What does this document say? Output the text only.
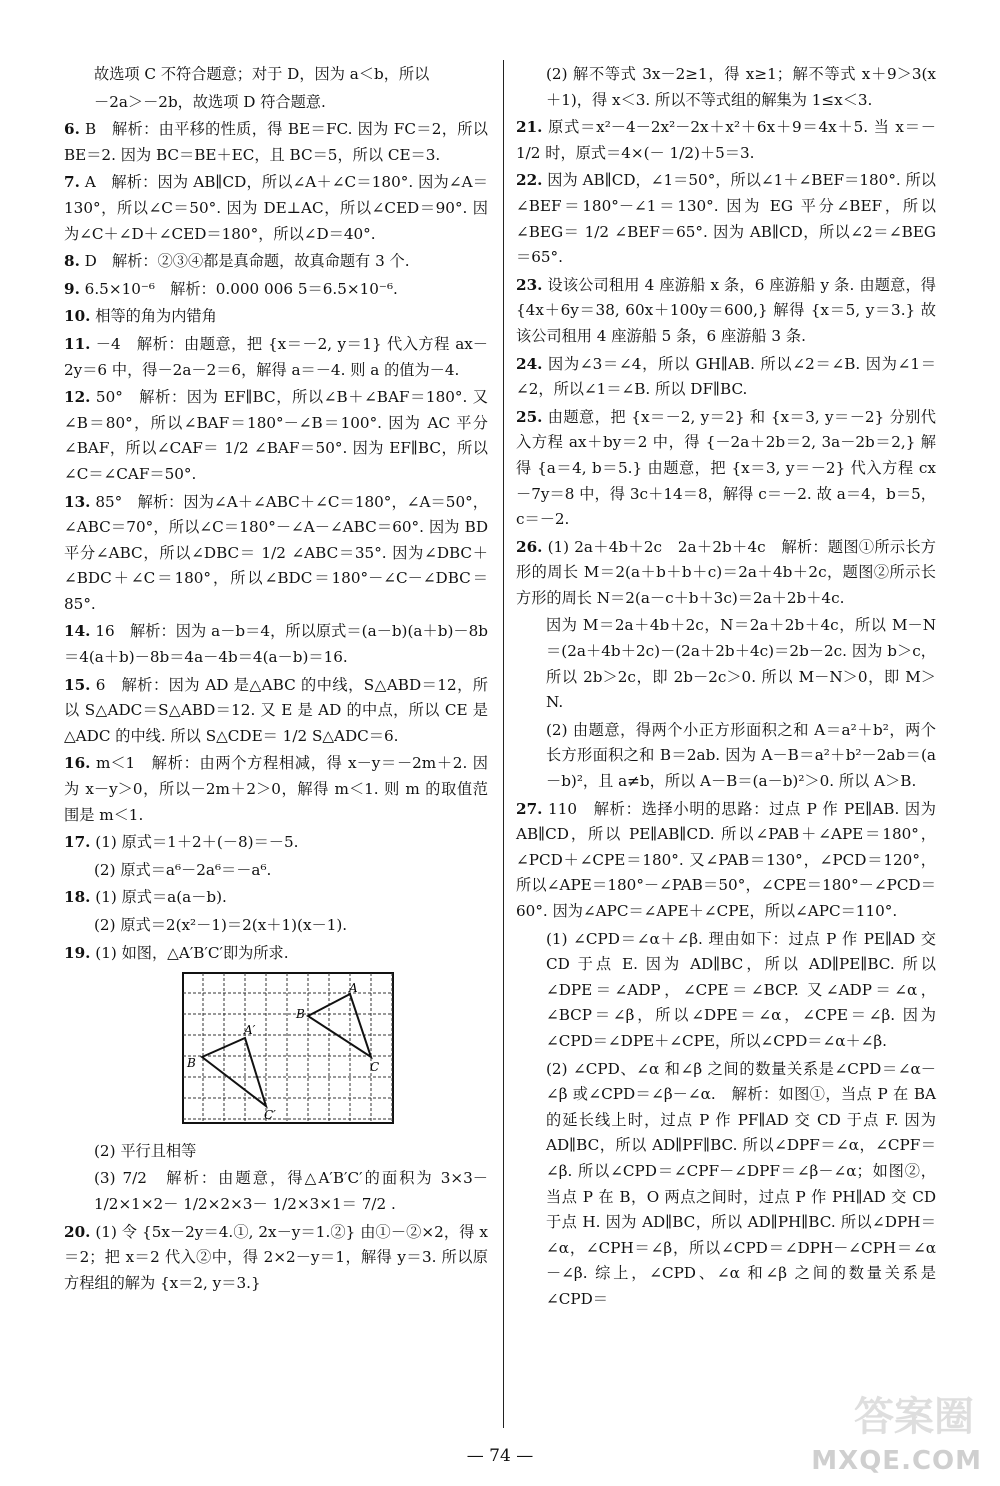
故选项 C 不符合题意；对于 D，因为 a＜b，所以
－2a＞－2b，故选项 D 符合题意.
6. B　解析：由平移的性质，得 BE＝FC. 因为 FC＝2，所以 BE＝2. 因为 BC＝BE＋EC，且 BC＝5，所以 CE＝3.
7. A　解析：因为 AB∥CD，所以∠A＋∠C＝180°. 因为∠A＝130°，所以∠C＝50°. 因为 DE⊥AC，所以∠CED＝90°. 因为∠C＋∠D＋∠CED＝180°，所以∠D＝40°.
8. D　解析：②③④都是真命题，故真命题有 3 个.
9. 6.5×10⁻⁶　解析：0.000 006 5＝6.5×10⁻⁶.
10. 相等的角为内错角
11. －4　解析：由题意，把 {x＝－2, y＝1} 代入方程 ax－2y＝6 中，得－2a－2＝6，解得 a＝－4. 则 a 的值为－4.
12. 50°　解析：因为 EF∥BC，所以∠B＋∠BAF＝180°. 又∠B＝80°，所以∠BAF＝180°－∠B＝100°. 因为 AC 平分∠BAF，所以∠CAF＝ 1/2 ∠BAF＝50°. 因为 EF∥BC，所以∠C＝∠CAF＝50°.
13. 85°　解析：因为∠A＋∠ABC＋∠C＝180°，∠A＝50°，∠ABC＝70°，所以∠C＝180°－∠A－∠ABC＝60°. 因为 BD 平分∠ABC，所以∠DBC＝ 1/2 ∠ABC＝35°. 因为∠DBC＋∠BDC＋∠C＝180°，所以∠BDC＝180°－∠C－∠DBC＝85°.
14. 16　解析：因为 a－b＝4，所以原式＝(a－b)(a＋b)－8b＝4(a＋b)－8b＝4a－4b＝4(a－b)＝16.
15. 6　解析：因为 AD 是△ABC 的中线，S△ABD＝12，所以 S△ADC＝S△ABD＝12. 又 E 是 AD 的中点，所以 CE 是△ADC 的中线. 所以 S△CDE＝ 1/2 S△ADC＝6.
16. m＜1　解析：由两个方程相减，得 x－y＝－2m＋2. 因为 x－y＞0，所以－2m＋2＞0，解得 m＜1. 则 m 的取值范围是 m＜1.
17. (1) 原式＝1＋2＋(－8)＝－5.
(2) 原式＝a⁶－2a⁶＝－a⁶.
18. (1) 原式＝a(a－b).
(2) 原式＝2(x²－1)＝2(x＋1)(x－1).
19. (1) 如图，△A′B′C′即为所求.
A
B
C
A′
B
C′
(2) 平行且相等
(3) 7/2　解析：由题意，得△A′B′C′的面积为 3×3－ 1/2×1×2－ 1/2×2×3－ 1/2×3×1＝ 7/2 .
20. (1) 令 {5x－2y＝4.①, 2x－y＝1.②} 由①－②×2，得 x＝2；把 x＝2 代入②中，得 2×2－y＝1，解得 y＝3. 所以原方程组的解为 {x＝2, y＝3.}
(2) 解不等式 3x－2≥1，得 x≥1；解不等式 x＋9＞3(x＋1)，得 x＜3. 所以不等式组的解集为 1≤x＜3.
21. 原式＝x²－4－2x²－2x＋x²＋6x＋9＝4x＋5. 当 x＝－ 1/2 时，原式＝4×(－ 1/2)＋5＝3.
22. 因为 AB∥CD，∠1＝50°，所以∠1＋∠BEF＝180°. 所以∠BEF＝180°－∠1＝130°. 因为 EG 平分∠BEF，所以∠BEG＝ 1/2 ∠BEF＝65°. 因为 AB∥CD，所以∠2＝∠BEG＝65°.
23. 设该公司租用 4 座游船 x 条，6 座游船 y 条. 由题意，得 {4x＋6y＝38, 60x＋100y＝600,} 解得 {x＝5, y＝3.} 故该公司租用 4 座游船 5 条，6 座游船 3 条.
24. 因为∠3＝∠4，所以 GH∥AB. 所以∠2＝∠B. 因为∠1＝∠2，所以∠1＝∠B. 所以 DF∥BC.
25. 由题意，把 {x＝－2, y＝2} 和 {x＝3, y＝－2} 分别代入方程 ax＋by＝2 中，得 {－2a＋2b＝2, 3a－2b＝2,} 解得 {a＝4, b＝5.} 由题意，把 {x＝3, y＝－2} 代入方程 cx－7y＝8 中，得 3c＋14＝8，解得 c＝－2. 故 a＝4，b＝5，c＝－2.
26. (1) 2a＋4b＋2c　2a＋2b＋4c　解析：题图①所示长方形的周长 M＝2(a＋b＋b＋c)＝2a＋4b＋2c，题图②所示长方形的周长 N＝2(a－c＋b＋3c)＝2a＋2b＋4c.
因为 M＝2a＋4b＋2c，N＝2a＋2b＋4c，所以 M－N＝(2a＋4b＋2c)－(2a＋2b＋4c)＝2b－2c. 因为 b＞c，所以 2b＞2c，即 2b－2c＞0. 所以 M－N＞0，即 M＞N.
(2) 由题意，得两个小正方形面积之和 A＝a²＋b²，两个长方形面积之和 B＝2ab. 因为 A－B＝a²＋b²－2ab＝(a－b)²，且 a≠b，所以 A－B＝(a－b)²＞0. 所以 A＞B.
27. 110　解析：选择小明的思路：过点 P 作 PE∥AB. 因为 AB∥CD，所以 PE∥AB∥CD. 所以∠PAB＋∠APE＝180°，∠PCD＋∠CPE＝180°. 又∠PAB＝130°，∠PCD＝120°，所以∠APE＝180°－∠PAB＝50°，∠CPE＝180°－∠PCD＝60°. 因为∠APC＝∠APE＋∠CPE，所以∠APC＝110°.
(1) ∠CPD＝∠α＋∠β. 理由如下：过点 P 作 PE∥AD 交 CD 于点 E. 因为 AD∥BC，所以 AD∥PE∥BC. 所以∠DPE＝∠ADP，∠CPE＝∠BCP. 又∠ADP＝∠α，∠BCP＝∠β，所以∠DPE＝∠α，∠CPE＝∠β. 因为∠CPD＝∠DPE＋∠CPE，所以∠CPD＝∠α＋∠β.
(2) ∠CPD、∠α 和∠β 之间的数量关系是∠CPD＝∠α－∠β 或∠CPD＝∠β－∠α.　解析：如图①，当点 P 在 BA 的延长线上时，过点 P 作 PF∥AD 交 CD 于点 F. 因为 AD∥BC，所以 AD∥PF∥BC. 所以∠DPF＝∠α，∠CPF＝∠β. 所以∠CPD＝∠CPF－∠DPF＝∠β－∠α；如图②，当点 P 在 B，O 两点之间时，过点 P 作 PH∥AD 交 CD 于点 H. 因为 AD∥BC，所以 AD∥PH∥BC. 所以∠DPH＝∠α，∠CPH＝∠β，所以∠CPD＝∠DPH－∠CPH＝∠α－∠β. 综上，∠CPD、∠α 和∠β 之间的数量关系是∠CPD＝
— 74 —
答案圈
MXQE.COM
